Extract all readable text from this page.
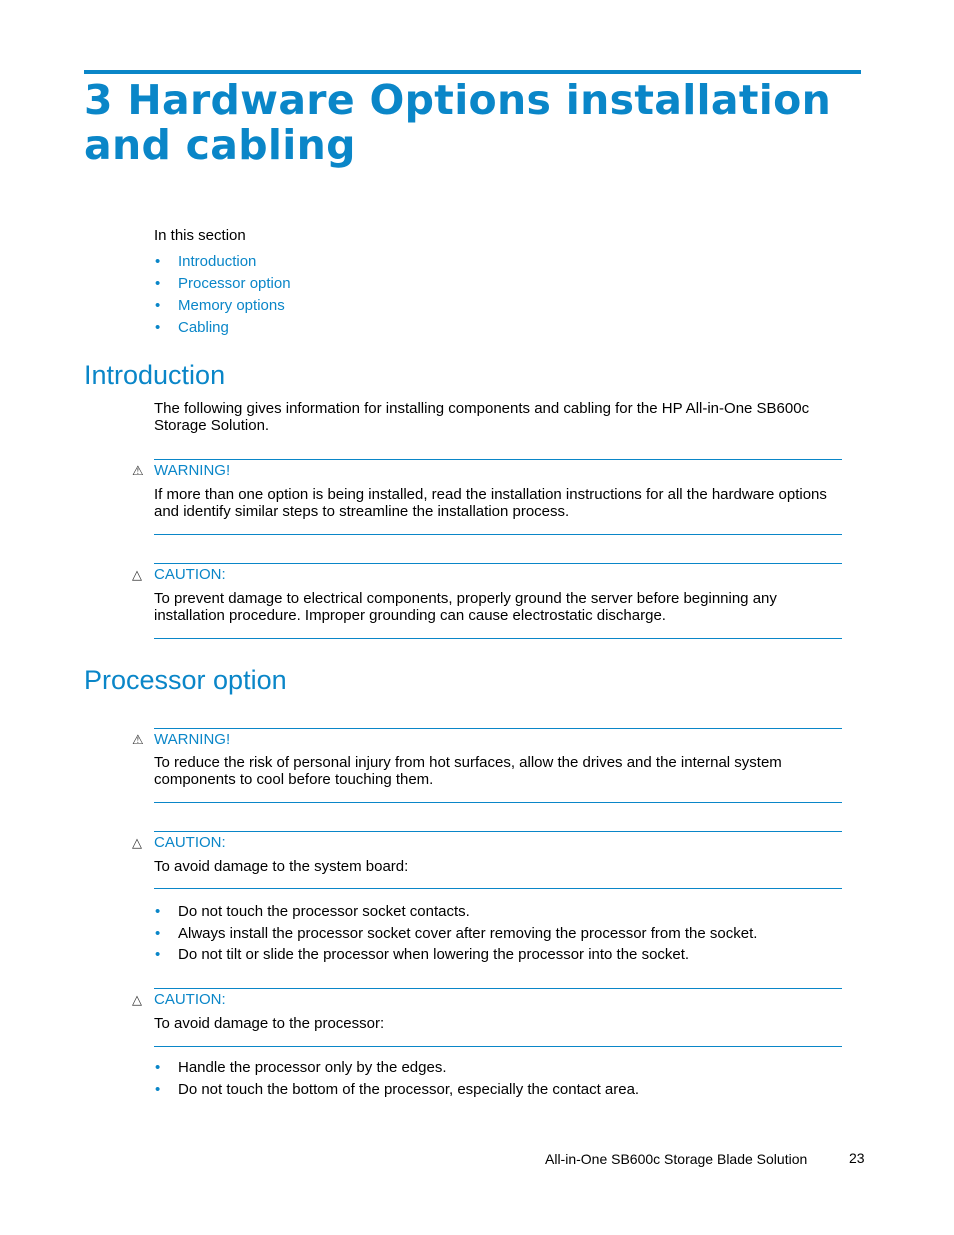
3 Hardware Options installation
and cabling
In this section
• Introduction
• Processor option
• Memory options
• Cabling
Introduction
The following gives information for installing components and cabling for the HP All-in-One SB600c Storage Solution.
⚠ WARNING!
If more than one option is being installed, read the installation instructions for all the hardware options and identify similar steps to streamline the installation process.
△ CAUTION:
To prevent damage to electrical components, properly ground the server before beginning any installation procedure. Improper grounding can cause electrostatic discharge.
Processor option
⚠ WARNING!
To reduce the risk of personal injury from hot surfaces, allow the drives and the internal system components to cool before touching them.
△ CAUTION:
To avoid damage to the system board:
• Do not touch the processor socket contacts.
• Always install the processor socket cover after removing the processor from the socket.
• Do not tilt or slide the processor when lowering the processor into the socket.
△ CAUTION:
To avoid damage to the processor:
• Handle the processor only by the edges.
• Do not touch the bottom of the processor, especially the contact area.
All-in-One SB600c Storage Blade Solution	23
